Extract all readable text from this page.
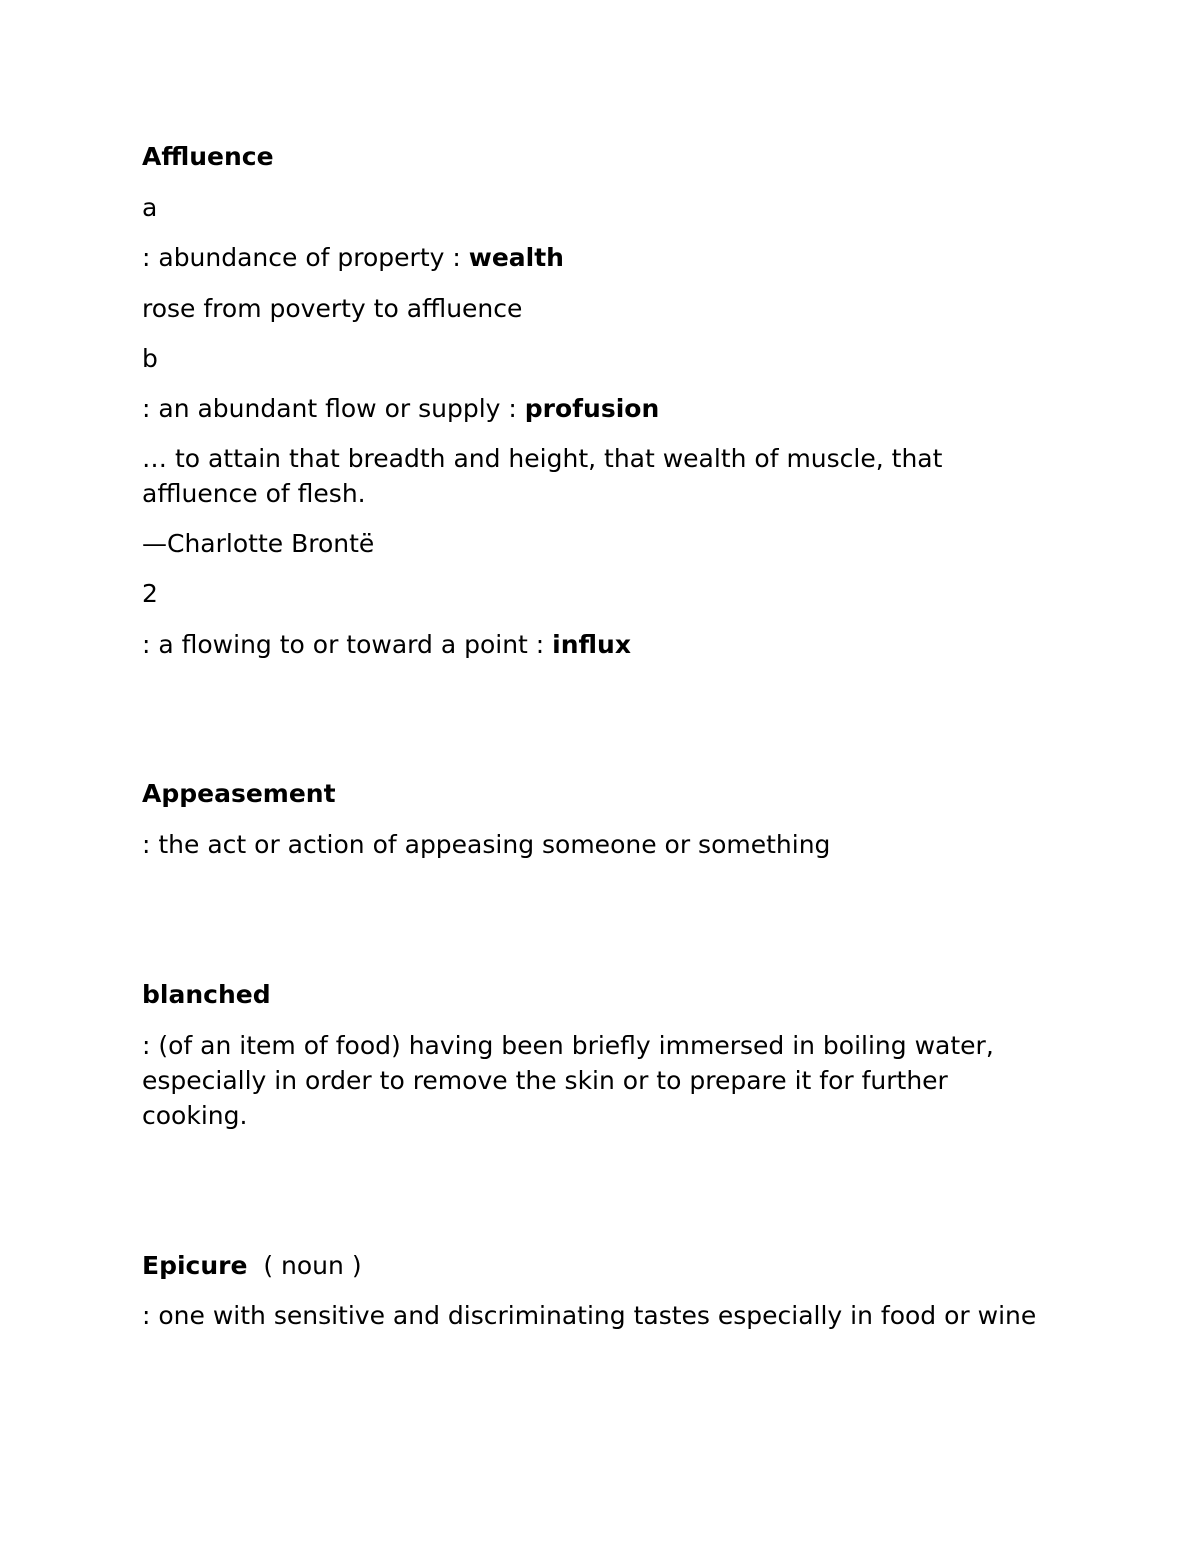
Affluence
a
: abundance of property : wealth
rose from poverty to affluence
b
: an abundant flow or supply : profusion
… to attain that breadth and height, that wealth of muscle, that affluence of flesh.
—Charlotte Brontë
2
: a flowing to or toward a point : influx
Appeasement
: the act or action of appeasing someone or something
blanched
: (of an item of food) having been briefly immersed in boiling water, especially in order to remove the skin or to prepare it for further cooking.
Epicure  ( noun )
: one with sensitive and discriminating tastes especially in food or wine
